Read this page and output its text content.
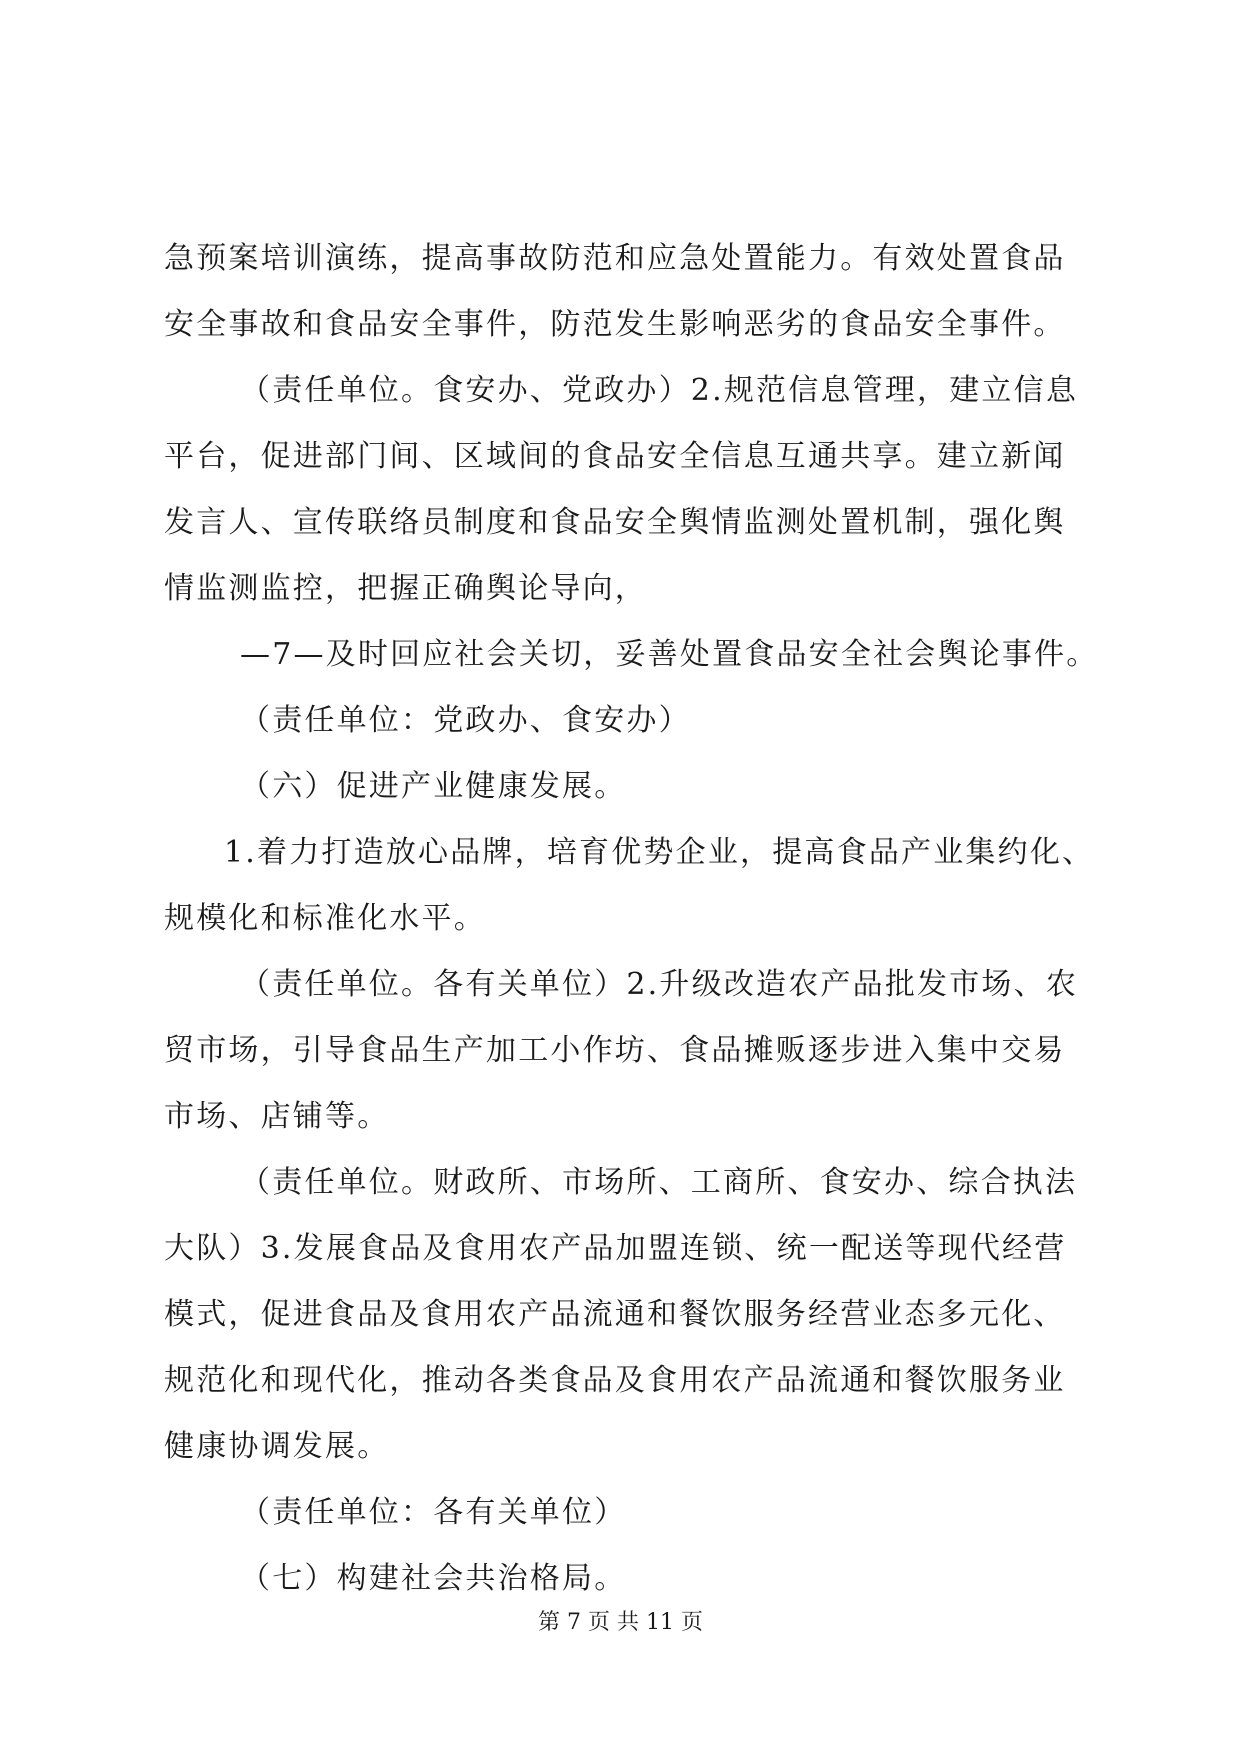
急预案培训演练，提高事故防范和应急处置能力。有效处置食品
安全事故和食品安全事件，防范发生影响恶劣的食品安全事件。
（责任单位。食安办、党政办）2.规范信息管理，建立信息
平台，促进部门间、区域间的食品安全信息互通共享。建立新闻
发言人、宣传联络员制度和食品安全舆情监测处置机制，强化舆
情监测监控，把握正确舆论导向，
—7—及时回应社会关切，妥善处置食品安全社会舆论事件。
（责任单位：党政办、食安办）
（六）促进产业健康发展。
1.着力打造放心品牌，培育优势企业，提高食品产业集约化、
规模化和标准化水平。
（责任单位。各有关单位）2.升级改造农产品批发市场、农
贸市场，引导食品生产加工小作坊、食品摊贩逐步进入集中交易
市场、店铺等。
（责任单位。财政所、市场所、工商所、食安办、综合执法
大队）3.发展食品及食用农产品加盟连锁、统一配送等现代经营
模式，促进食品及食用农产品流通和餐饮服务经营业态多元化、
规范化和现代化，推动各类食品及食用农产品流通和餐饮服务业
健康协调发展。
（责任单位：各有关单位）
（七）构建社会共治格局。
第 7 页 共 11 页
